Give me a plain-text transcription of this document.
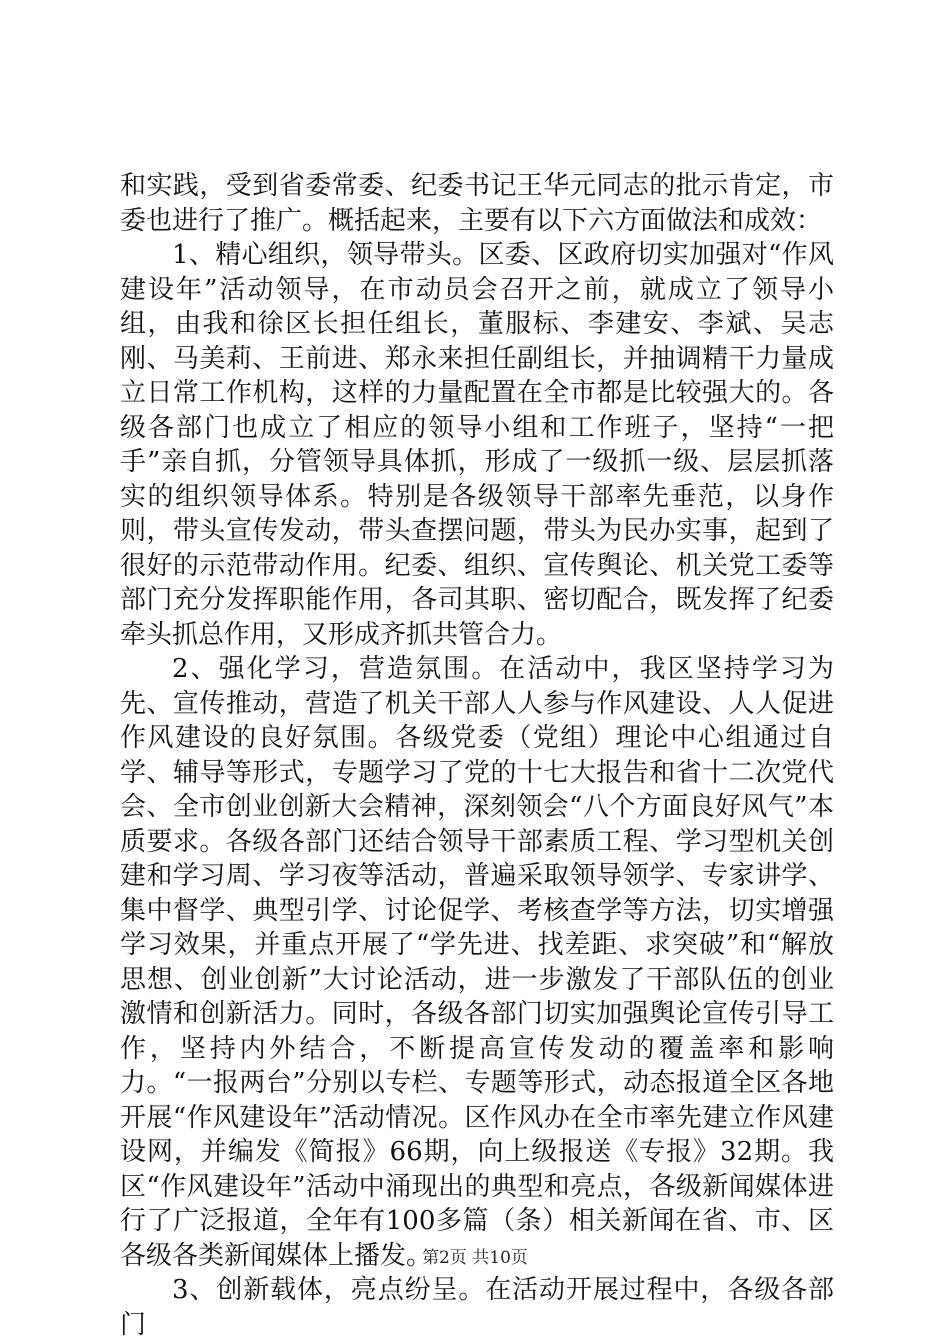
和实践，受到省委常委、纪委书记王华元同志的批示肯定，市委也进行了推广。概括起来，主要有以下六方面做法和成效：

1、精心组织，领导带头。区委、区政府切实加强对“作风建设年”活动领导，在市动员会召开之前，就成立了领导小组，由我和徐区长担任组长，董服标、李建安、李斌、吴志刚、马美莉、王前进、郑永来担任副组长，并抽调精干力量成立日常工作机构，这样的力量配置在全市都是比较强大的。各级各部门也成立了相应的领导小组和工作班子，坚持“一把手”亲自抓，分管领导具体抓，形成了一级抓一级、层层抓落实的组织领导体系。特别是各级领导干部率先垂范，以身作则，带头宣传发动，带头查摆问题，带头为民办实事，起到了很好的示范带动作用。纪委、组织、宣传舆论、机关党工委等部门充分发挥职能作用，各司其职、密切配合，既发挥了纪委牵头抓总作用，又形成齐抓共管合力。

2、强化学习，营造氛围。在活动中，我区坚持学习为先、宣传推动，营造了机关干部人人参与作风建设、人人促进作风建设的良好氛围。各级党委（党组）理论中心组通过自学、辅导等形式，专题学习了党的十七大报告和省十二次党代会、全市创业创新大会精神，深刻领会“八个方面良好风气”本质要求。各级各部门还结合领导干部素质工程、学习型机关创建和学习周、学习夜等活动，普遍采取领导领学、专家讲学、集中督学、典型引学、讨论促学、考核查学等方法，切实增强学习效果，并重点开展了“学先进、找差距、求突破”和“解放思想、创业创新”大讨论活动，进一步激发了干部队伍的创业激情和创新活力。同时，各级各部门切实加强舆论宣传引导工作，坚持内外结合，不断提高宣传发动的覆盖率和影响力。“一报两台”分别以专栏、专题等形式，动态报道全区各地开展“作风建设年”活动情况。区作风办在全市率先建立作风建设网，并编发《简报》66期，向上级报送《专报》32期。我区“作风建设年”活动中涌现出的典型和亮点，各级新闻媒体进行了广泛报道，全年有100多篇（条）相关新闻在省、市、区各级各类新闻媒体上播发。

3、创新载体，亮点纷呈。在活动开展过程中，各级各部门

第2页 共10页
